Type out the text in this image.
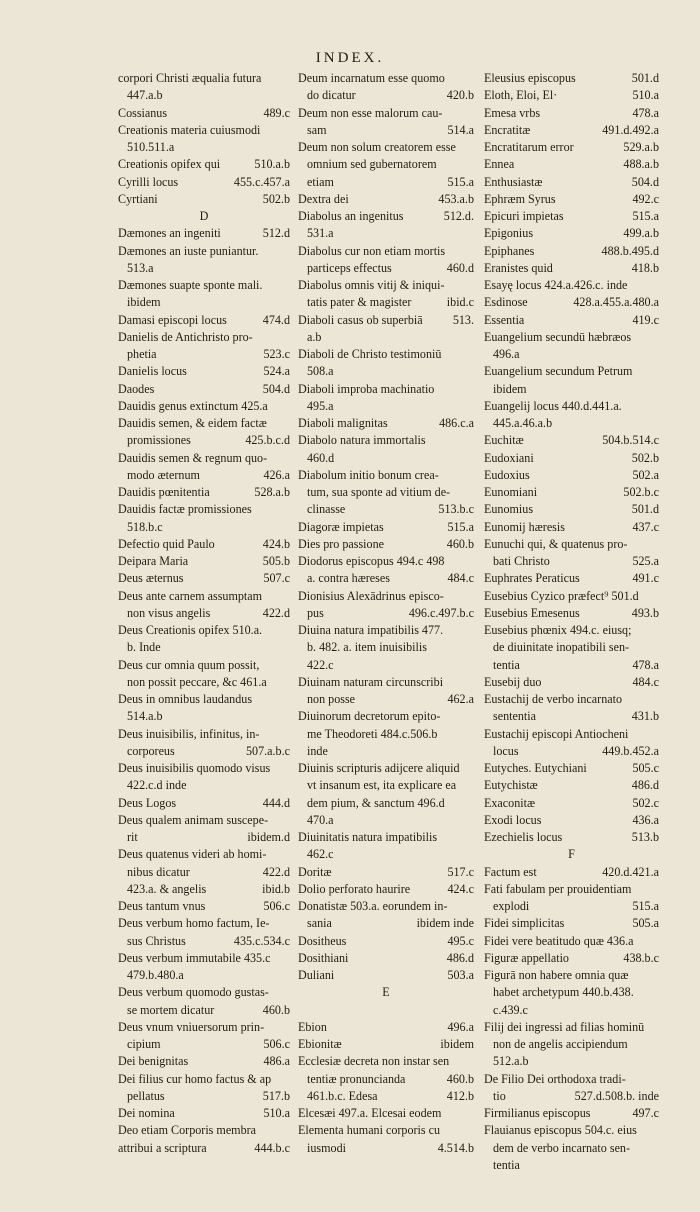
INDEX.
corpori Christi æqualia futura
447.a.b
Cossianus	489.c
Creationis materia cuiusmodi
510.511.a
Creationis opifex qui	510.a.b
Cyrilli locus	455.c.457.a
Cyrtiani	502.b
D
Dæmones an ingeniti	512.d
Dæmones an iuste puniantur.
513.a
Dæmones suapte sponte mali.
ibidem
Damasi episcopi locus	474.d
Danielis de Antichristo pro-
phetia	523.c
Danielis locus	524.a
Daodes	504.d
Dauidis genus extinctum 425.a
Dauidis semen, & eidem factæ
promissiones	425.b.c.d
Dauidis semen & regnum quo-
modo æternum	426.a
Dauidis pœnitentia	528.a.b
Dauidis factæ promissiones
518.b.c
Defectio quid Paulo	424.b
Deipara Maria	505.b
Deus æternus	507.c
Deus ante carnem assumptam
non visus angelis	422.d
Deus Creationis opifex 510.a.
b. Inde
Deus cur omnia quum possit,
non possit peccare, &c 461.a
Deus in omnibus laudandus
514.a.b
Deus inuisibilis, infinitus, in-
corporeus	507.a.b.c
Deus inuisibilis quomodo visus
422.c.d inde
Deus Logos	444.d
Deus qualem animam suscepe-
rit	ibidem.d
Deus quatenus videri ab homi-
nibus dicatur	422.d
423.a. & angelis	ibid.b
Deus tantum vnus	506.c
Deus verbum homo factum, Ie-
sus Christus	435.c.534.c
Deus verbum immutabile 435.c
479.b.480.a
Deus verbum quomodo gustas-
se mortem dicatur	460.b
Deus vnum vniuersorum prin-
cipium	506.c
Dei benignitas	486.a
Dei filius cur homo factus & ap
pellatus	517.b
Dei nomina	510.a
Deo etiam Corporis membra
attribui a scriptura	444.b.c
Deum incarnatum esse quomo
do dicatur	420.b
Deum non esse malorum cau-
sam	514.a
Deum non solum creatorem esse
omnium sed gubernatorem
etiam	515.a
Dextra dei	453.a.b
Diabolus an ingenitus	512.d.
531.a
Diabolus cur non etiam mortis
particeps effectus	460.d
Diabolus omnis vitij & iniqui-
tatis pater & magister	ibid.c
Diaboli casus ob superbiā 513.
a.b
Diaboli de Christo testimoniū
508.a
Diaboli improba machinatio
495.a
Diaboli malignitas	486.c.a
Diabolo natura immortalis
460.d
Diabolum initio bonum crea-
tum, sua sponte ad vitium de-
clinasse	513.b.c
Diagoræ impietas	515.a
Dies pro passione	460.b
Diodorus episcopus 494.c 498
a. contra hæreses	484.c
Dionisius Alexādrinus episco-
pus	496.c.497.b.c
Diuina natura impatibilis 477.
b. 482. a. item inuisibilis
422.c
Diuinam naturam circunscribi
non posse	462.a
Diuinorum decretorum epito-
me Theodoreti 484.c.506.b
inde
Diuinis scripturis adijcere aliquid
vt insanum est, ita explicare ea
dem pium, & sanctum 496.d
470.a
Diuinitatis natura impatibilis
462.c
Doritæ	517.c
Dolio perforato haurire	424.c
Donatistæ 503.a. eorundem in-
sania	ibidem inde
Dositheus	495.c
Dosithiani	486.d
Duliani	503.a
E
Ebion	496.a
Ebionitæ	ibidem
Ecclesiæ decreta non instar sen
tentiæ pronuncianda	460.b
461.b.c. Edesa	412.b
Elcesæi 497.a. Elcesai eodem
Elementa humani corporis cu
iusmodi	4.514.b
Eleusius episcopus	501.d
Eloth, Eloi, El·	510.a
Emesa vrbs	478.a
Encratitæ	491.d.492.a
Encratitarum error	529.a.b
Ennea	488.a.b
Enthusiastæ	504.d
Ephræm Syrus	492.c
Epicuri impietas	515.a
Epigonius	499.a.b
Epiphanes	488.b.495.d
Eranistes quid	418.b
Esayę locus 424.a.426.c. inde
Esdinose	428.a.455.a.480.a
Essentia	419.c
Euangelium secundū hæbræos
496.a
Euangelium secundum Petrum
ibidem
Euangelij locus 440.d.441.a.
445.a.46.a.b
Euchitæ	504.b.514.c
Eudoxiani	502.b
Eudoxius	502.a
Eunomiani	502.b.c
Eunomius	501.d
Eunomij hæresis	437.c
Eunuchi qui, & quatenus pro-
bati Christo	525.a
Euphrates Peraticus	491.c
Eusebius Cyzico præfect⁹ 501.d
Eusebius Emesenus	493.b
Eusebius phœnix 494.c. eiusq;
de diuinitate inopatibili sen-
tentia	478.a
Eusebij duo	484.c
Eustachij de verbo incarnato
sententia	431.b
Eustachij episcopi Antiocheni
locus	449.b.452.a
Eutyches. Eutychiani	505.c
Eutychistæ	486.d
Exaconitæ	502.c
Exodi locus	436.a
Ezechielis locus	513.b
F
Factum est	420.d.421.a
Fati fabulam per prouidentiam
explodi	515.a
Fidei simplicitas	505.a
Fidei vere beatitudo quæ 436.a
Figuræ appellatio	438.b.c
Figurā non habere omnia quæ
habet archetypum 440.b.438.
c.439.c
Filij dei ingressi ad filias hominū
non de angelis accipiendum
512.a.b
De Filio Dei orthodoxa tradi-
tio	527.d.508.b. inde
Firmilianus episcopus	497.c
Flauianus episcopus 504.c. eius
dem de verbo incarnato sen-
tentia
